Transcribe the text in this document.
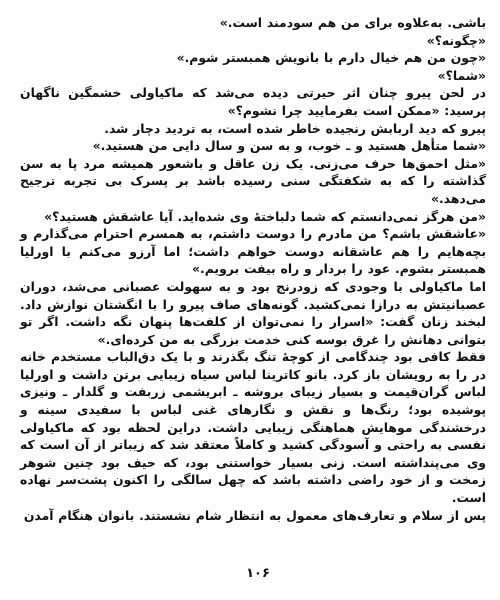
باشی. به‌علاوه برای من هم سودمند است.»

«چگونه؟»

«چون من هم خیال دارم با بانویش همبستر شوم.»

«شما؟»

در لحن پیرو چنان اثر حیرتی دیده می‌شد که ماکیاولی خشمگین ناگهان پرسید: «ممکن است بفرمایید چرا نشوم؟»

پیرو که دید اربابش رنجیده خاطر شده است، به تردید دچار شد.

«شما متأهل هستید و ـ خوب، و به سن و سال دایی من هستید.»

«مثل احمق‌ها حرف می‌زنی. یک زن عاقل و باشعور همیشه مرد پا به سن گذاشته را که به شکفتگی سنی رسیده باشد بر پسرک بی تجربه ترجیح می‌دهد.»

«من هرگز نمی‌دانستم که شما دلباختهٔ وی شده‌اید. آیا عاشقش هستید؟»

«عاشقش باشم؟ من مادرم را دوست داشتم، به همسرم احترام می‌گذارم و بچه‌هایم را هم عاشقانه دوست خواهم داشت؛ اما آرزو می‌کنم با اورلیا همبستر بشوم. عود را بردار و راه بیفت برویم.»

اما ماکیاولی با وجودی که زودرنج بود و به سهولت عصبانی می‌شد، دوران عصبانیتش به درازا نمی‌کشید. گونه‌های صاف پیرو را با انگشتان نوازش داد. لبخند زنان گفت: «اسرار را نمی‌توان از کلفت‌ها پنهان نگه داشت. اگر تو بتوانی دهانش را غرق بوسه کنی خدمت بزرگی به من کرده‌ای.»

فقط کافی بود چندگامی از کوچهٔ تنگ بگذرند و با یک دق‌الباب مستخدم خانه در را به رویشان باز کرد. بانو کاترینا لباس سیاه زیبایی برتن داشت و اورلیا لباس گران‌قیمت و بسیار زیبای بروشه ـ ابریشمی زربفت و گلدار ـ ونیزی پوشیده بود؛ رنگ‌ها و نقش و نگارهای غنی لباس با سفیدی سینه و درخشندگی موهایش هماهنگی زیبایی داشت. دراین لحظه بود که ماکیاولی نفسی به راحتی و آسودگی کشید و کاملاً معتقد شد که زیباتر از آن است که وی می‌پنداشته است. زنی بسیار خواستنی بود، که حیف بود چنین شوهر زمخت و از خود راضی داشته باشد که چهل سالگی را اکنون پشت‌سر نهاده است.

پس از سلام و تعارف‌های معمول به انتظار شام نشستند. بانوان هنگام آمدن

۱۰۶
